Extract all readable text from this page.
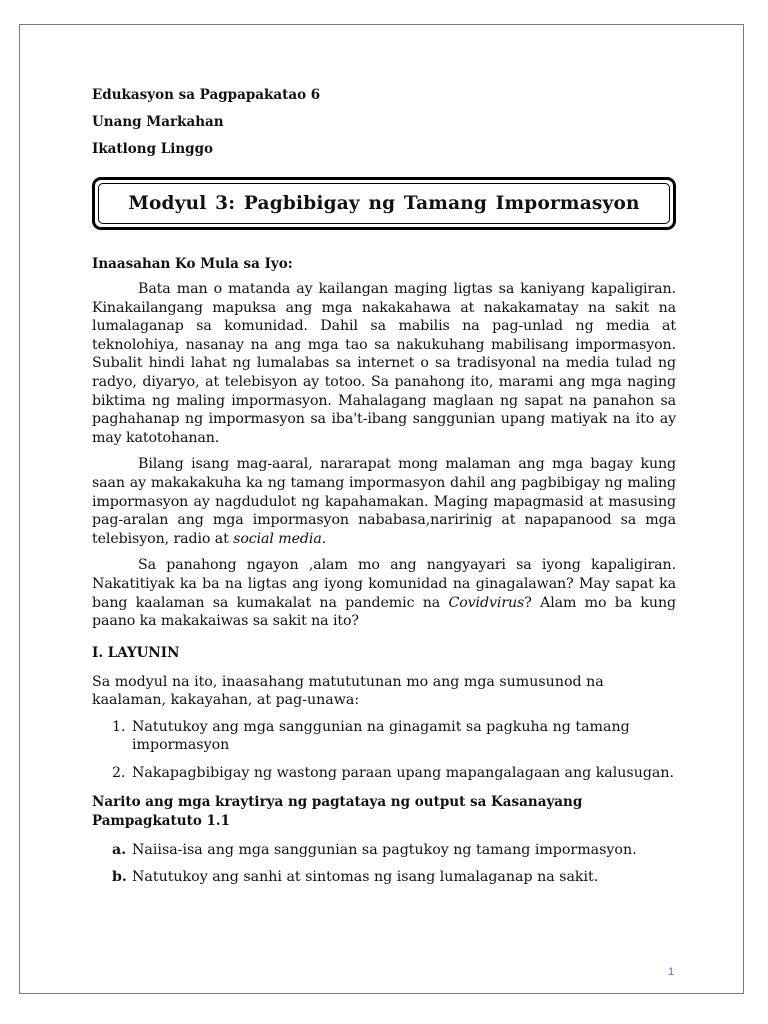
Edukasyon sa Pagpapakatao 6
Unang Markahan
Ikatlong Linggo
Modyul 3: Pagbibigay ng Tamang Impormasyon
Inaasahan Ko Mula sa Iyo:

Bata man o matanda ay kailangan maging ligtas sa kaniyang kapaligiran. Kinakailangang mapuksa ang mga nakakahawa at nakakamatay na sakit na lumalaganap sa komunidad. Dahil sa mabilis na pag-unlad ng media at teknolohiya, nasanay na ang mga tao sa nakukuhang mabilisang impormasyon. Subalit hindi lahat ng lumalabas sa internet o sa tradisyonal na media tulad ng radyo, diyaryo, at telebisyon ay totoo. Sa panahong ito, marami ang mga naging biktima ng maling impormasyon. Mahalagang maglaan ng sapat na panahon sa paghahanap ng impormasyon sa iba't-ibang sanggunian upang matiyak na ito ay may katotohanan.

Bilang isang mag-aaral, nararapat mong malaman ang mga bagay kung saan ay makakakuha ka ng tamang impormasyon dahil ang pagbibigay ng maling impormasyon ay nagdudulot ng kapahamakan. Maging mapagmasid at masusing pag-aralan ang mga impormasyon nababasa,naririnig at napapanood sa mga telebisyon, radio at social media.

Sa panahong ngayon ,alam mo ang nangyayari sa iyong kapaligiran. Nakatitiyak ka ba na ligtas ang iyong komunidad na ginagalawan? May sapat ka bang kaalaman sa kumakalat na pandemic na Covidvirus? Alam mo ba kung paano ka makakaiwas sa sakit na ito?

I. LAYUNIN

Sa modyul na ito, inaasahang matututunan mo ang mga sumusunod na kaalaman, kakayahan, at pag-unawa:

1. Natutukoy ang mga sanggunian na ginagamit sa pagkuha ng tamang impormasyon
2. Nakapagbibigay ng wastong paraan upang mapangalagaan ang kalusugan.
Narito ang mga kraytirya ng pagtataya ng output sa Kasanayang Pampagkatuto 1.1
a. Naiisa-isa ang mga sanggunian sa pagtukoy ng tamang impormasyon.
b. Natutukoy ang sanhi at sintomas ng isang lumalaganap na sakit.
1
